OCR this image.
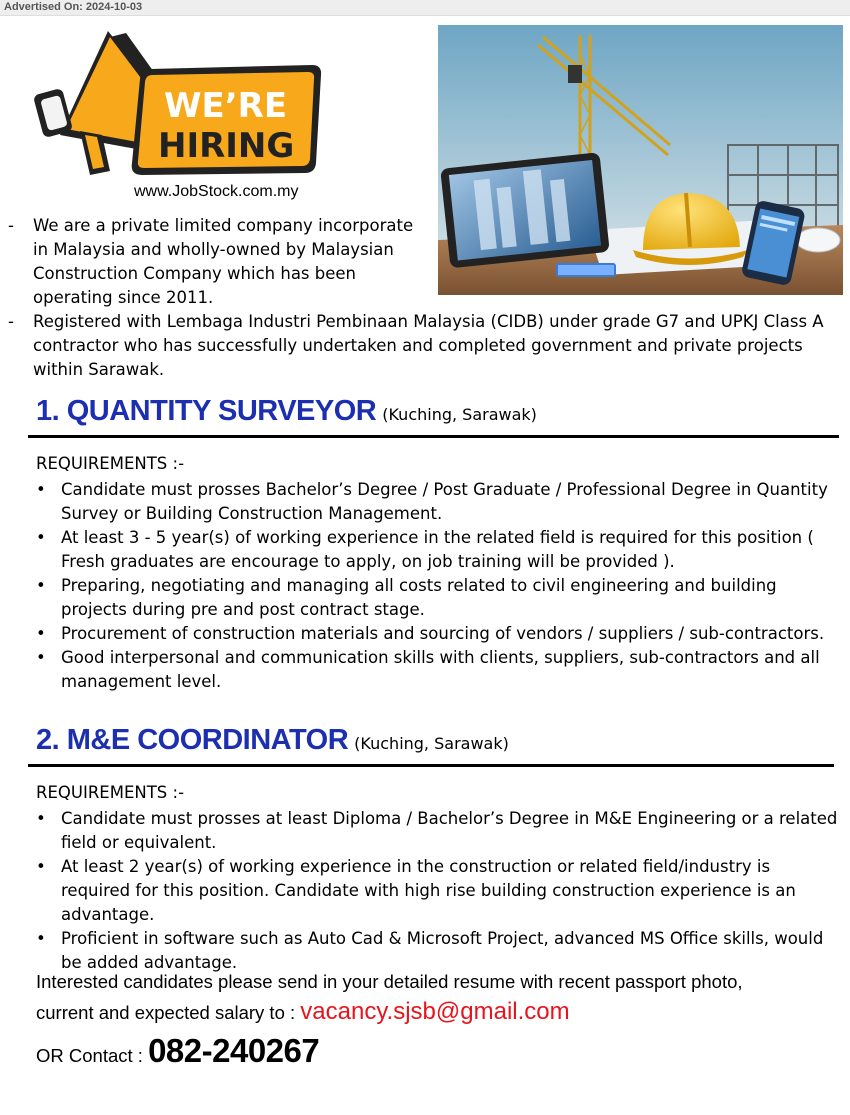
Advertised On: 2024-10-03
WE’RE
HIRING
www.JobStock.com.my
- We are a private limited company incorporate in Malaysia and wholly-owned by Malaysian Construction Company which has been operating since 2011.
- Registered with Lembaga Industri Pembinaan Malaysia (CIDB) under grade G7 and UPKJ Class A contractor who has successfully undertaken and completed government and private projects within Sarawak.
1. QUANTITY SURVEYOR (Kuching, Sarawak)
REQUIREMENTS :-
• Candidate must prosses Bachelor’s Degree / Post Graduate / Professional Degree in Quantity Survey or Building Construction Management.
• At least 3 - 5 year(s) of working experience in the related field is required for this position ( Fresh graduates are encourage to apply, on job training will be provided ).
• Preparing, negotiating and managing all costs related to civil engineering and building projects during pre and post contract stage.
• Procurement of construction materials and sourcing of vendors / suppliers / sub-contractors.
• Good interpersonal and communication skills with clients, suppliers, sub-contractors and all management level.
2. M&E COORDINATOR (Kuching, Sarawak)
REQUIREMENTS :-
• Candidate must prosses at least Diploma / Bachelor’s Degree in M&E Engineering or a related field or equivalent.
• At least 2 year(s) of working experience in the construction or related field/industry is required for this position. Candidate with high rise building construction experience is an advantage.
• Proficient in software such as Auto Cad & Microsoft Project, advanced MS Office skills, would be added advantage.
Interested candidates please send in your detailed resume with recent passport photo,
current and expected salary to : vacancy.sjsb@gmail.com
OR Contact : 082-240267
